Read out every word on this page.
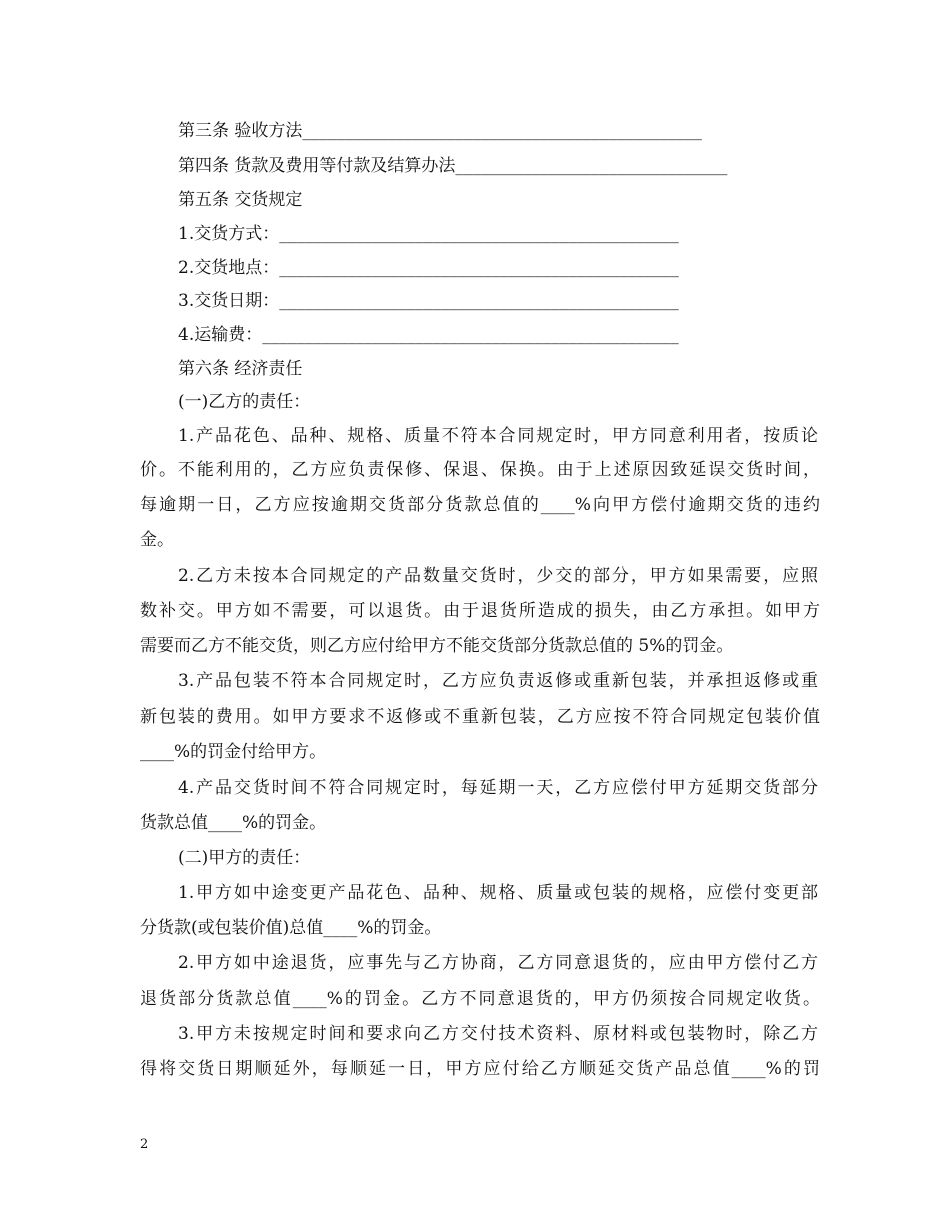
第三条 验收方法_______________________________________________
第四条 货款及费用等付款及结算办法________________________________
第五条 交货规定
1.交货方式：_______________________________________________
2.交货地点：_______________________________________________
3.交货日期：_______________________________________________
4.运输费：_________________________________________________
第六条 经济责任
(一)乙方的责任：
1.产品花色、品种、规格、质量不符本合同规定时，甲方同意利用者，按质论
价。不能利用的，乙方应负责保修、保退、保换。由于上述原因致延误交货时间，
每逾期一日，乙方应按逾期交货部分货款总值的____%向甲方偿付逾期交货的违约
金。
2.乙方未按本合同规定的产品数量交货时，少交的部分，甲方如果需要，应照
数补交。甲方如不需要，可以退货。由于退货所造成的损失，由乙方承担。如甲方
需要而乙方不能交货，则乙方应付给甲方不能交货部分货款总值的 5%的罚金。
3.产品包装不符本合同规定时，乙方应负责返修或重新包装，并承担返修或重
新包装的费用。如甲方要求不返修或不重新包装，乙方应按不符合同规定包装价值
____%的罚金付给甲方。
4.产品交货时间不符合同规定时，每延期一天，乙方应偿付甲方延期交货部分
货款总值____%的罚金。
(二)甲方的责任：
1.甲方如中途变更产品花色、品种、规格、质量或包装的规格，应偿付变更部
分货款(或包装价值)总值____%的罚金。
2.甲方如中途退货，应事先与乙方协商，乙方同意退货的，应由甲方偿付乙方
退货部分货款总值____%的罚金。乙方不同意退货的，甲方仍须按合同规定收货。
3.甲方未按规定时间和要求向乙方交付技术资料、原材料或包装物时，除乙方
得将交货日期顺延外，每顺延一日，甲方应付给乙方顺延交货产品总值____%的罚
2
